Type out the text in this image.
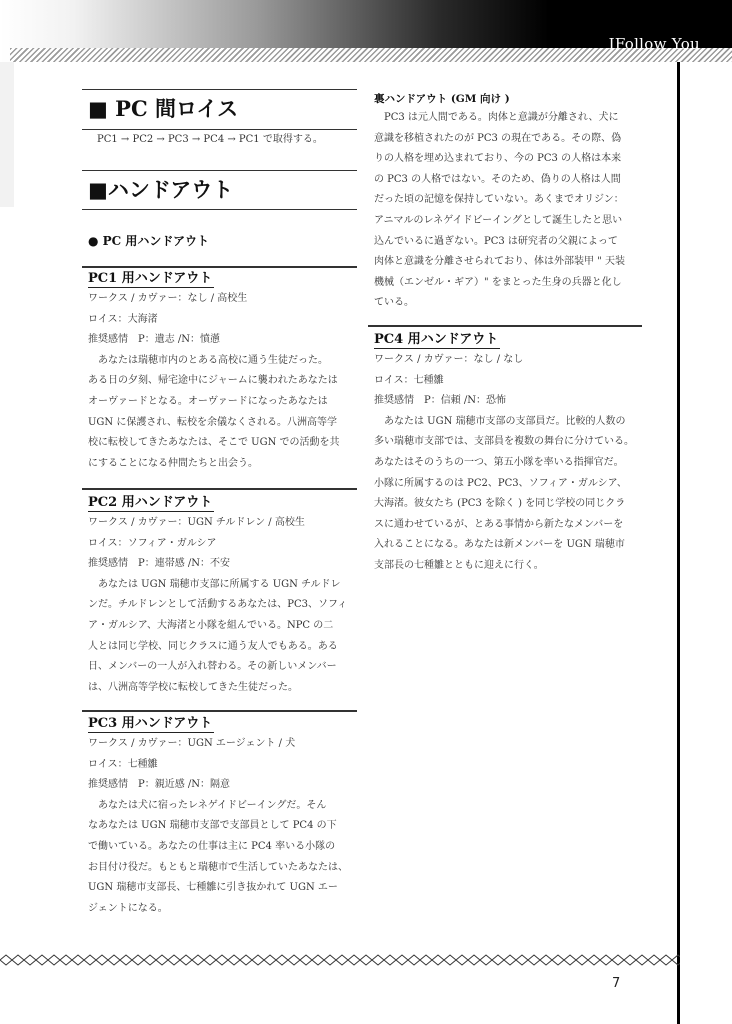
IFollow You
■ PC 間ロイス
PC1 → PC2 → PC3 → PC4 → PC1 で取得する。
■ハンドアウト
● PC 用ハンドアウト
PC1 用ハンドアウト
ワークス / カヴァー：なし / 高校生
ロイス：大海渚
推奨感情　P：遺志 /N：憤懣
あなたは瑞穂市内のとある高校に通う生徒だった。
ある日の夕刻、帰宅途中にジャームに襲われたあなたは
オーヴァードとなる。オーヴァードになったあなたは
UGN に保護され、転校を余儀なくされる。八洲高等学
校に転校してきたあなたは、そこで UGN での活動を共
にすることになる仲間たちと出会う。
PC2 用ハンドアウト
ワークス / カヴァー：UGN チルドレン / 高校生
ロイス：ソフィア・ガルシア
推奨感情　P：連帯感 /N：不安
あなたは UGN 瑞穂市支部に所属する UGN チルドレ
ンだ。チルドレンとして活動するあなたは、PC3、ソフィ
ア・ガルシア、大海渚と小隊を組んでいる。NPC の二
人とは同じ学校、同じクラスに通う友人でもある。ある
日、メンバーの一人が入れ替わる。その新しいメンバー
は、八洲高等学校に転校してきた生徒だった。
PC3 用ハンドアウト
ワークス / カヴァー：UGN エージェント / 犬
ロイス：七種雛
推奨感情　P：親近感 /N：隔意
あなたは犬に宿ったレネゲイドビーイングだ。そん
なあなたは UGN 瑞穂市支部で支部員として PC4 の下
で働いている。あなたの仕事は主に PC4 率いる小隊の
お目付け役だ。もともと瑞穂市で生活していたあなたは、
UGN 瑞穂市支部長、七種雛に引き抜かれて UGN エー
ジェントになる。
裏ハンドアウト (GM 向け )
PC3 は元人間である。肉体と意識が分離され、犬に
意識を移植されたのが PC3 の現在である。その際、偽
りの人格を埋め込まれており、今の PC3 の人格は本来
の PC3 の人格ではない。そのため、偽りの人格は人間
だった頃の記憶を保持していない。あくまでオリジン：
アニマルのレネゲイドビーイングとして誕生したと思い
込んでいるに過ぎない。PC3 は研究者の父親によって
肉体と意識を分離させられており、体は外部装甲 " 天装
機械（エンゼル・ギア）" をまとった生身の兵器と化し
ている。
PC4 用ハンドアウト
ワークス / カヴァー：なし / なし
ロイス：七種雛
推奨感情　P：信頼 /N：恐怖
あなたは UGN 瑞穂市支部の支部員だ。比較的人数の
多い瑞穂市支部では、支部員を複数の舞台に分けている。
あなたはそのうちの一つ、第五小隊を率いる指揮官だ。
小隊に所属するのは PC2、PC3、ソフィア・ガルシア、
大海渚。彼女たち (PC3 を除く ) を同じ学校の同じクラ
スに通わせているが、とある事情から新たなメンバーを
入れることになる。あなたは新メンバーを UGN 瑞穂市
支部長の七種雛とともに迎えに行く。
7
